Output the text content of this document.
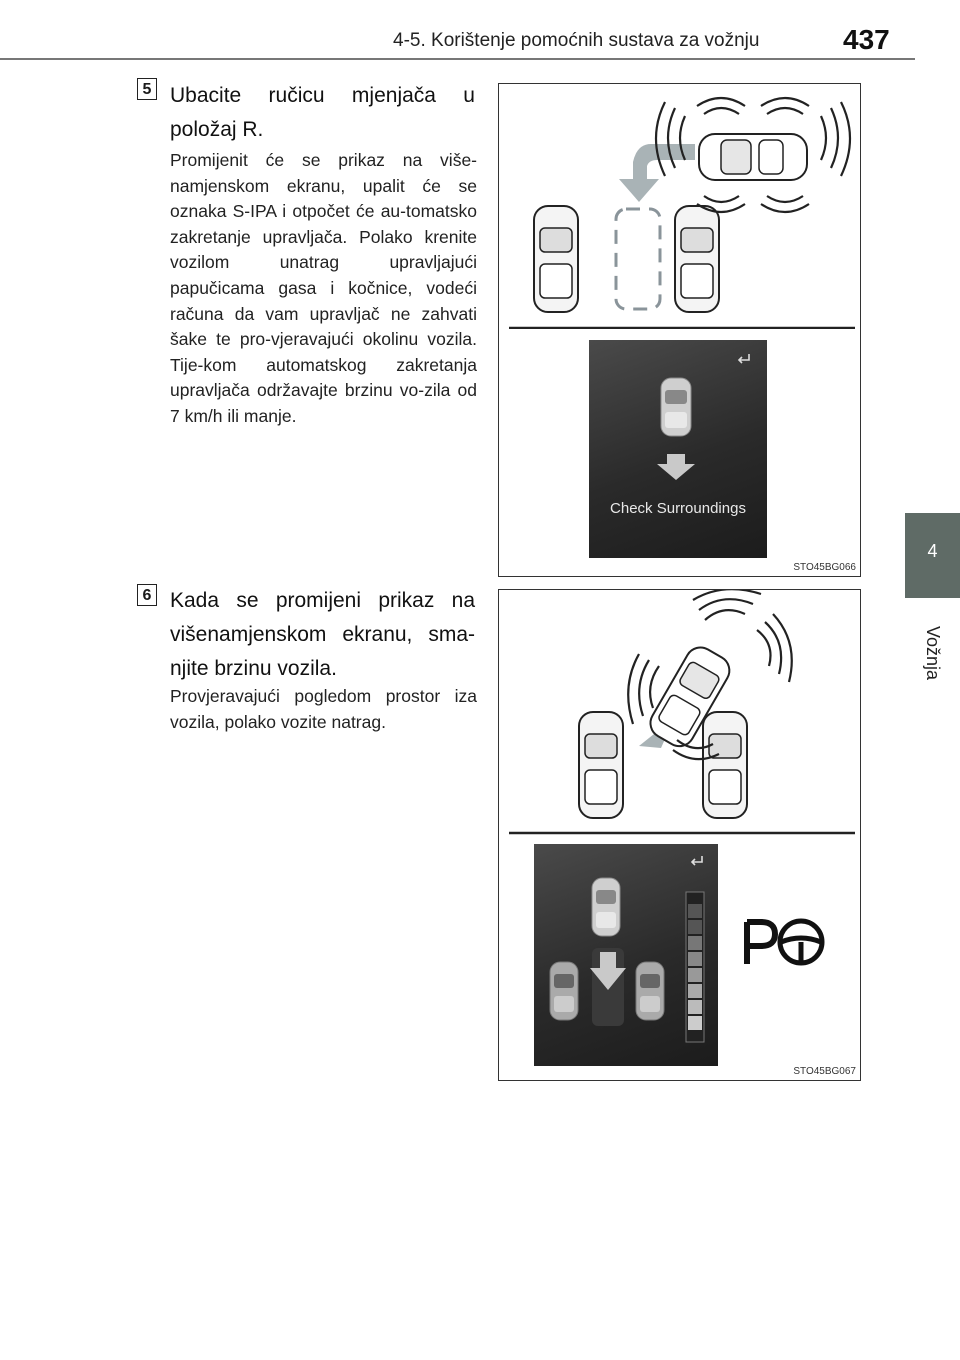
4-5. Korištenje pomoćnih sustava za vožnju	437
4
Vožnja
5 Ubacite ručicu mjenjača u položaj R.
Promijenit će se prikaz na više-namjenskom ekranu, upalit će se oznaka S-IPA i otpočet će au-tomatsko zakretanje upravljača. Polako krenite vozilom unatrag upravljajući papučicama gasa i kočnice, vodeći računa da vam upravljač ne zahvati šake te pro-vjeravajući okolinu vozila. Tije-kom automatskog zakretanja upravljača održavajte brzinu vo-zila od 7 km/h ili manje.
Check Surroundings
STO45BG066
6 Kada se promijeni prikaz na višenamjenskom ekranu, sma-njite brzinu vozila.
Provjeravajući pogledom prostor iza vozila, polako vozite natrag.
STO45BG067
